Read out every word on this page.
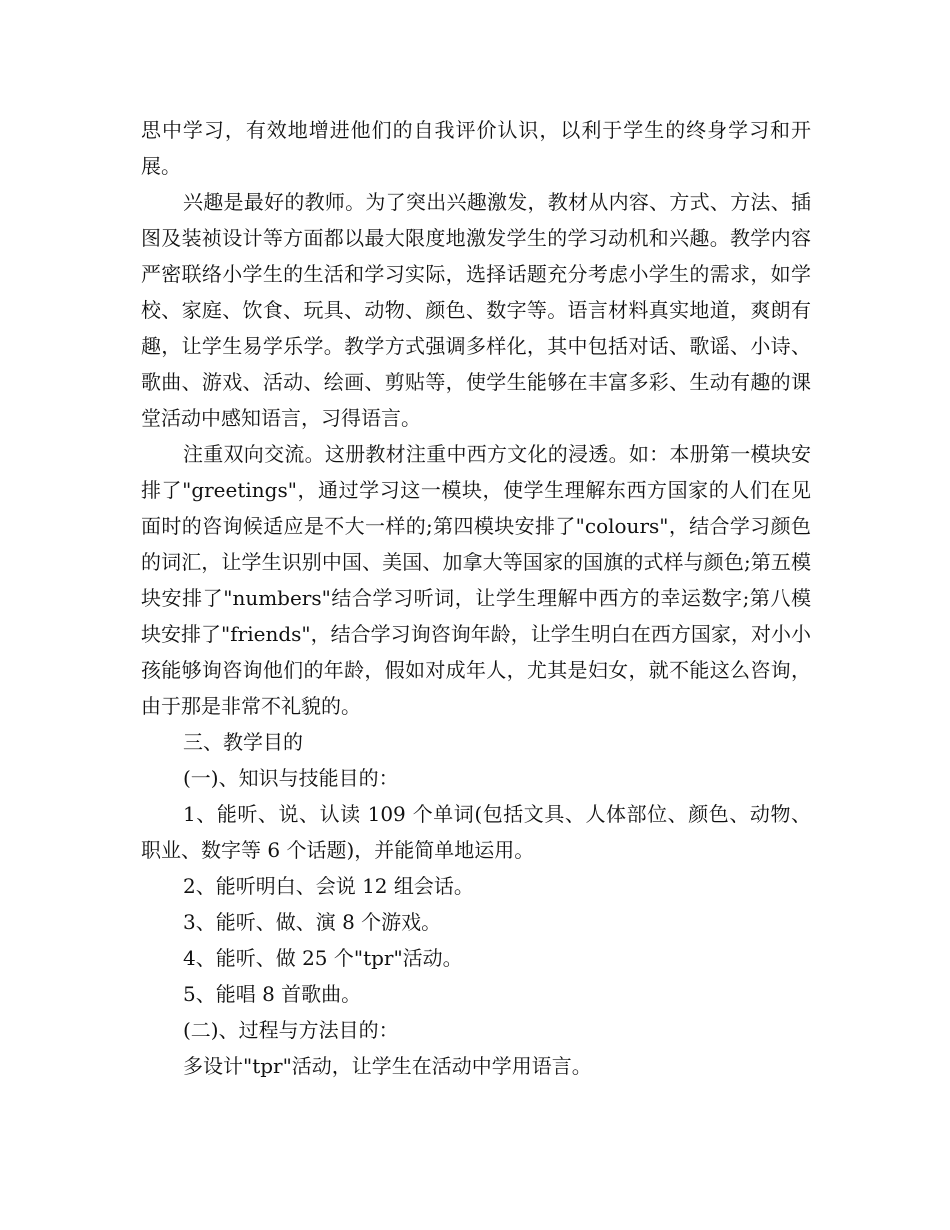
思中学习，有效地增进他们的自我评价认识，以利于学生的终身学习和开展。

兴趣是最好的教师。为了突出兴趣激发，教材从内容、方式、方法、插图及装祯设计等方面都以最大限度地激发学生的学习动机和兴趣。教学内容严密联络小学生的生活和学习实际，选择话题充分考虑小学生的需求，如学校、家庭、饮食、玩具、动物、颜色、数字等。语言材料真实地道，爽朗有趣，让学生易学乐学。教学方式强调多样化，其中包括对话、歌谣、小诗、歌曲、游戏、活动、绘画、剪贴等，使学生能够在丰富多彩、生动有趣的课堂活动中感知语言，习得语言。

注重双向交流。这册教材注重中西方文化的浸透。如：本册第一模块安排了"greetings"，通过学习这一模块，使学生理解东西方国家的人们在见面时的咨询候适应是不大一样的;第四模块安排了"colours"，结合学习颜色的词汇，让学生识别中国、美国、加拿大等国家的国旗的式样与颜色;第五模块安排了"numbers"结合学习听词，让学生理解中西方的幸运数字;第八模块安排了"friends"，结合学习询咨询年龄，让学生明白在西方国家，对小小孩能够询咨询他们的年龄，假如对成年人，尤其是妇女，就不能这么咨询，由于那是非常不礼貌的。

三、教学目的

(一)、知识与技能目的：

1、能听、说、认读 109 个单词(包括文具、人体部位、颜色、动物、职业、数字等 6 个话题)，并能简单地运用。

2、能听明白、会说 12 组会话。

3、能听、做、演 8 个游戏。

4、能听、做 25 个"tpr"活动。

5、能唱 8 首歌曲。

(二)、过程与方法目的：

多设计"tpr"活动，让学生在活动中学用语言。
